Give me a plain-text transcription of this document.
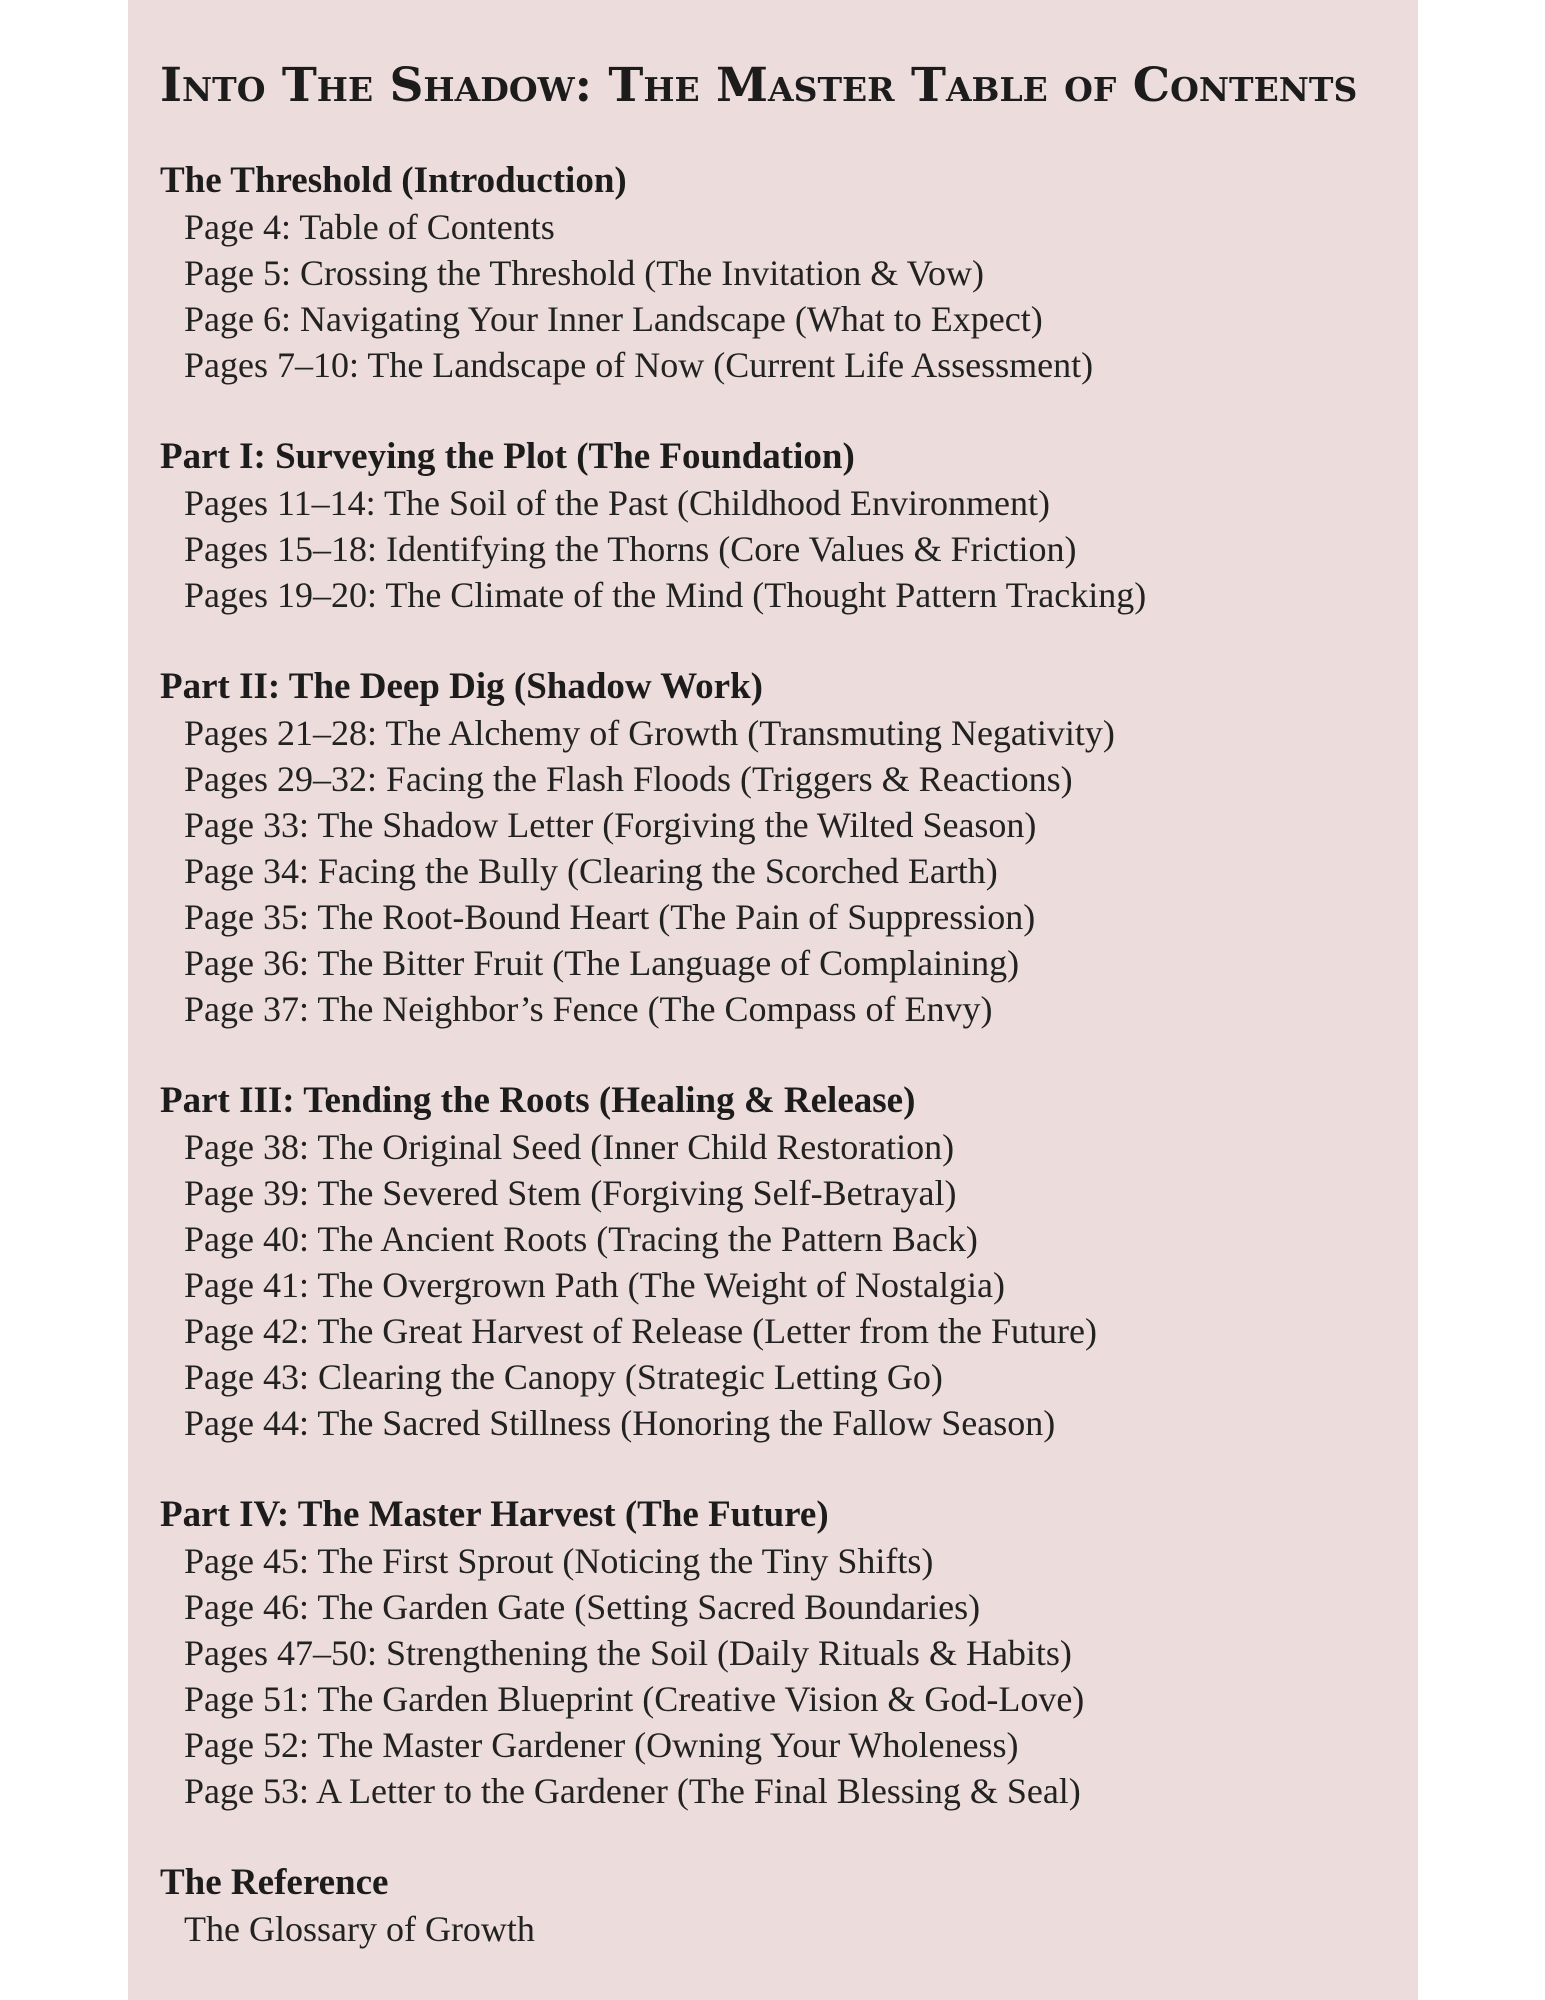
Into The Shadow: The Master Table of Contents

The Threshold (Introduction)

Page 4: Table of Contents

Page 5: Crossing the Threshold (The Invitation & Vow)

Page 6: Navigating Your Inner Landscape (What to Expect)

Pages 7–10: The Landscape of Now (Current Life Assessment)

Part I: Surveying the Plot (The Foundation)

Pages 11–14: The Soil of the Past (Childhood Environment)

Pages 15–18: Identifying the Thorns (Core Values & Friction)

Pages 19–20: The Climate of the Mind (Thought Pattern Tracking)

Part II: The Deep Dig (Shadow Work)

Pages 21–28: The Alchemy of Growth (Transmuting Negativity)

Pages 29–32: Facing the Flash Floods (Triggers & Reactions)

Page 33: The Shadow Letter (Forgiving the Wilted Season)

Page 34: Facing the Bully (Clearing the Scorched Earth)

Page 35: The Root-Bound Heart (The Pain of Suppression)

Page 36: The Bitter Fruit (The Language of Complaining)

Page 37: The Neighbor’s Fence (The Compass of Envy)

Part III: Tending the Roots (Healing & Release)

Page 38: The Original Seed (Inner Child Restoration)

Page 39: The Severed Stem (Forgiving Self-Betrayal)

Page 40: The Ancient Roots (Tracing the Pattern Back)

Page 41: The Overgrown Path (The Weight of Nostalgia)

Page 42: The Great Harvest of Release (Letter from the Future)

Page 43: Clearing the Canopy (Strategic Letting Go)

Page 44: The Sacred Stillness (Honoring the Fallow Season)

Part IV: The Master Harvest (The Future)

Page 45: The First Sprout (Noticing the Tiny Shifts)

Page 46: The Garden Gate (Setting Sacred Boundaries)

Pages 47–50: Strengthening the Soil (Daily Rituals & Habits)

Page 51: The Garden Blueprint (Creative Vision & God-Love)

Page 52: The Master Gardener (Owning Your Wholeness)

Page 53: A Letter to the Gardener (The Final Blessing & Seal)

The Reference

The Glossary of Growth
